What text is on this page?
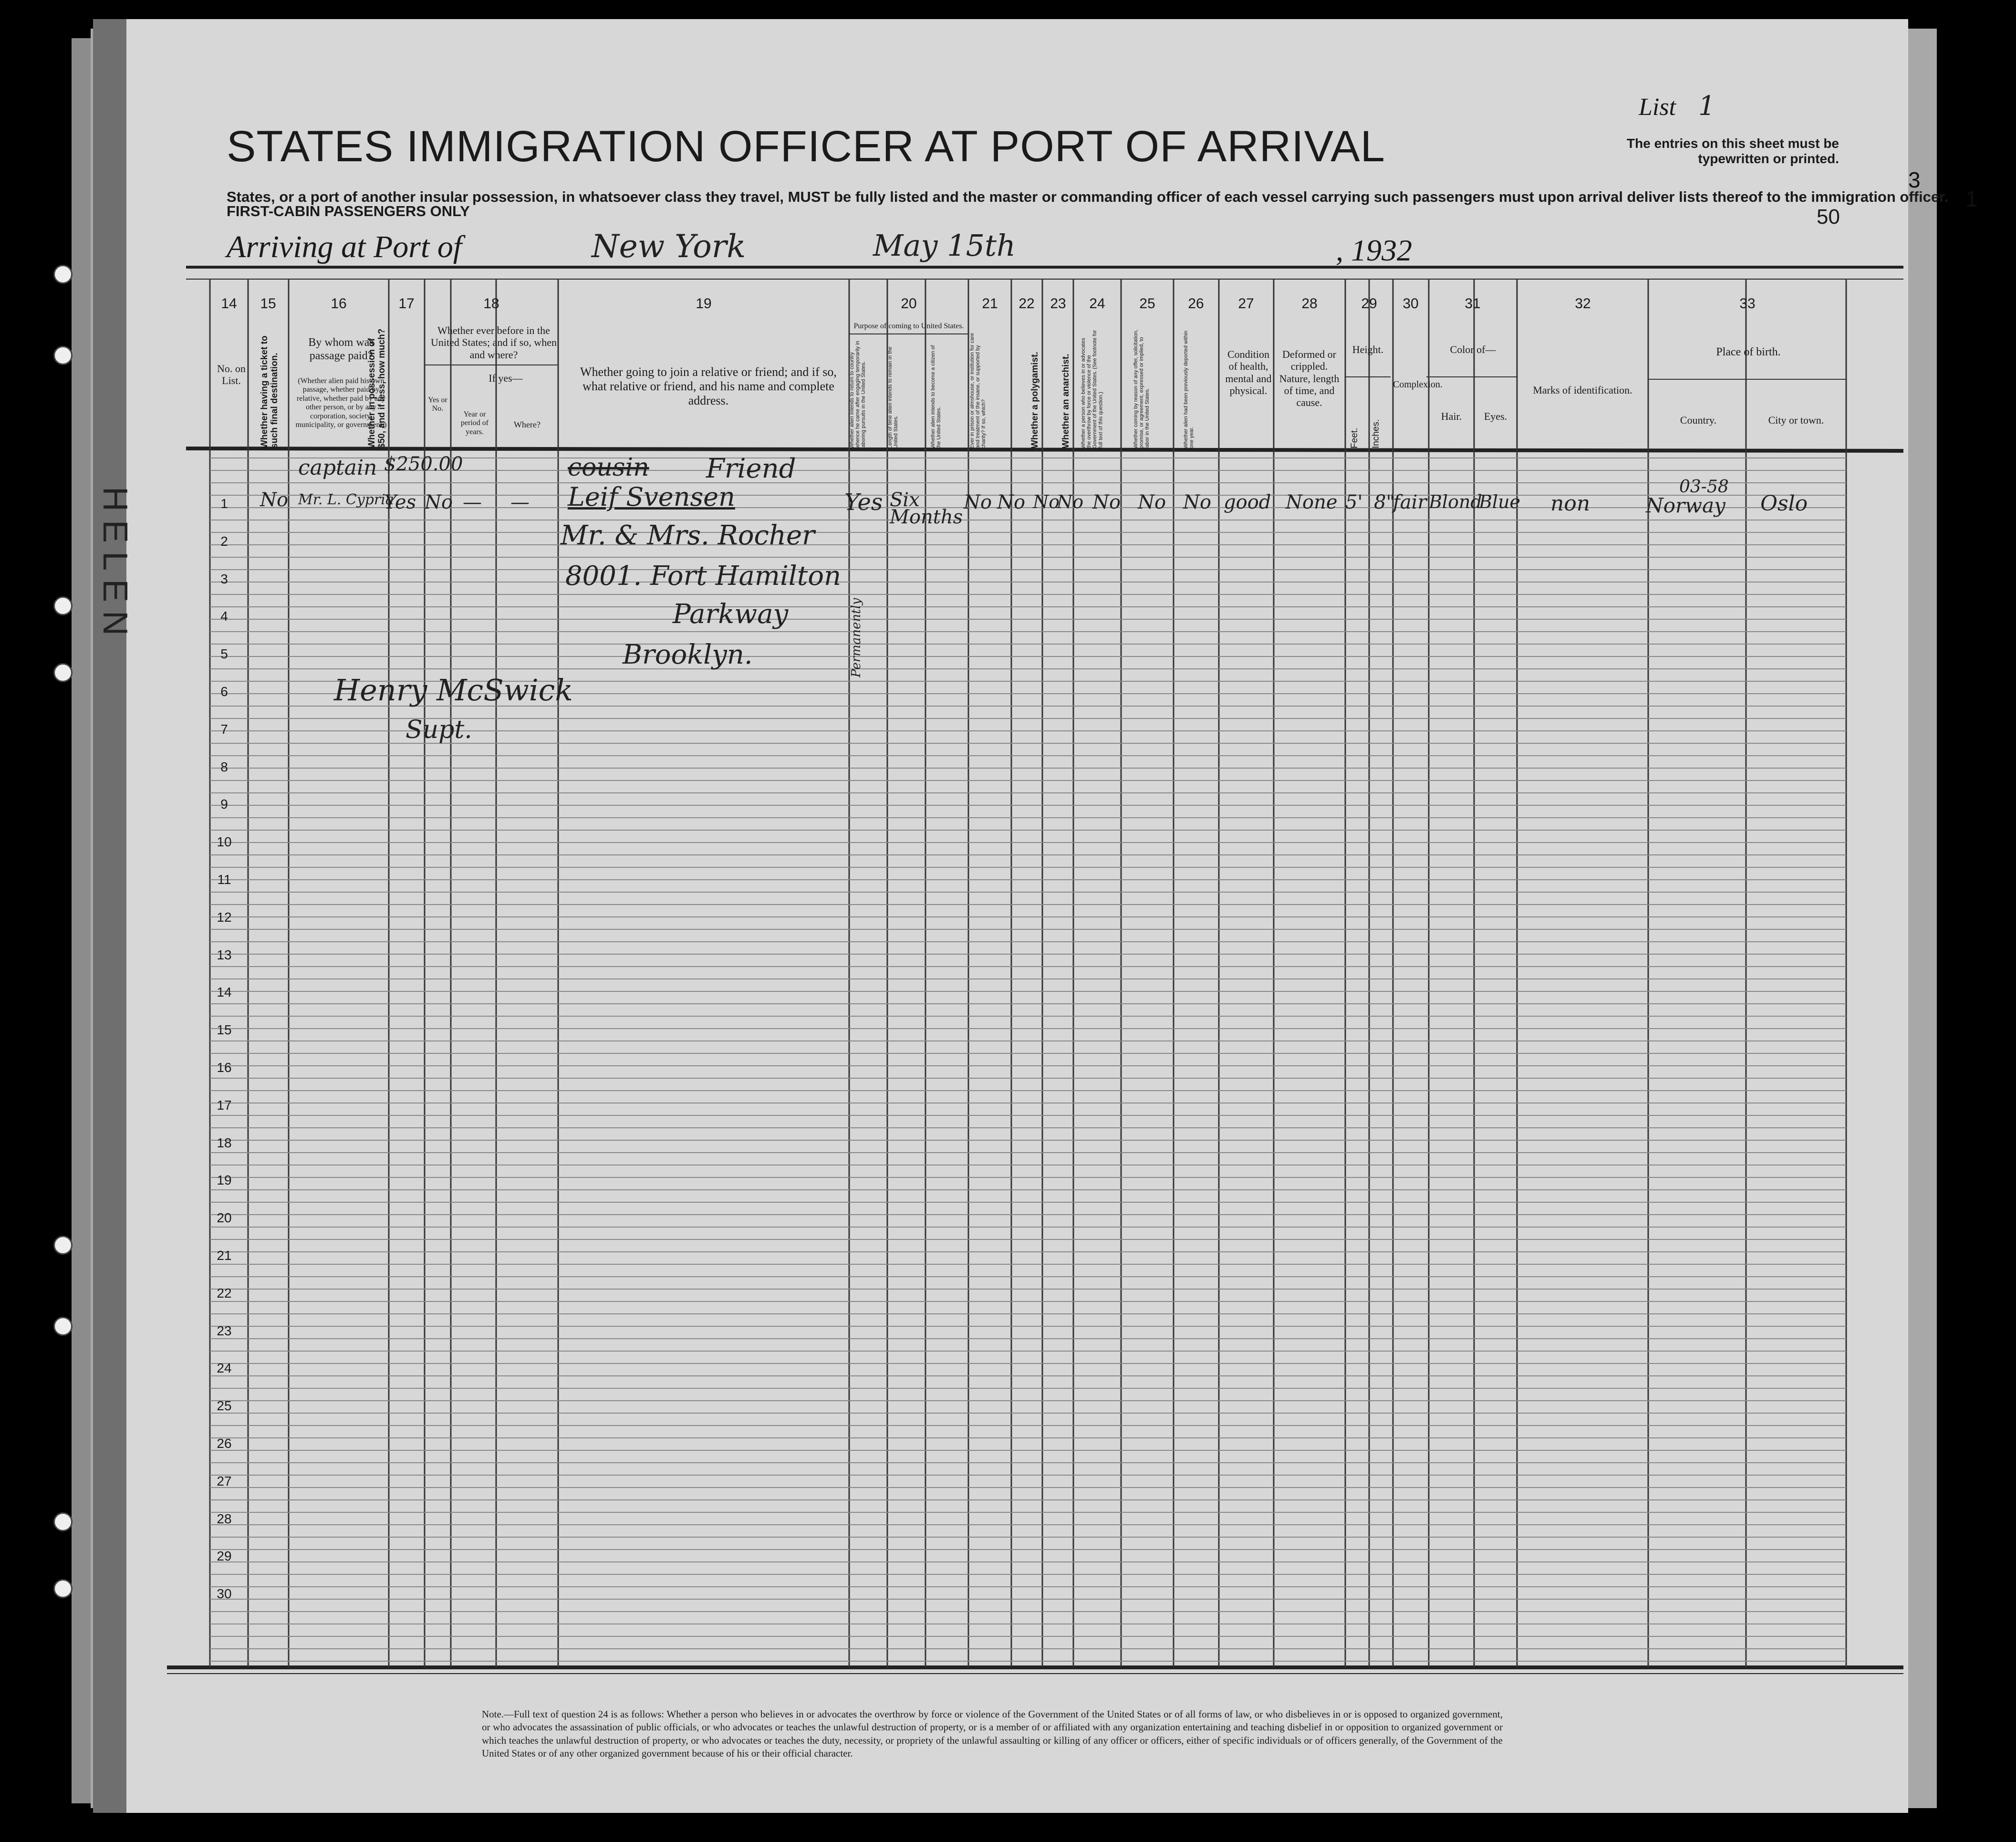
HELEN
3
1
STATES IMMIGRATION OFFICER AT PORT OF ARRIVAL
States, or a port of another insular possession, in whatsoever class they travel, MUST be fully listed and the master or commanding officer of each vessel carrying such passengers must upon arrival deliver lists thereof to the immigration officer.
FIRST-CABIN PASSENGERS ONLY
List 1
The entries on this sheet must be typewritten or printed.
50
Arriving at Port of	New York	May 15th	, 1932
14 15	16	17	18	19	20	21 22 23 24 25 26 27	28	29 30	31	32	33
No. on List.	Whether having a ticket to such final destination.
By whom was passage paid?
(Whether alien paid his own passage, whether paid by relative, whether paid by any other person, or by any corporation, society, municipality, or government.)
Whether in possession of $50, and if less, how much?	Whether ever before in the United States; and if so, when and where?
Yes or No.
If yes—
Year or period of years.
Where?
Whether going to join a relative or friend; and if so, what relative or friend, and his name and complete address.
Purpose of coming to United States.
Whether alien intends to return to country whence he came after engaging temporarily in laboring pursuits in the United States.	Length of time alien intends to remain in the United States.	Whether alien intends to become a citizen of the United States.	Ever in prison or almshouse, or institution for care and treatment of the insane, or supported by charity? If so, which?	Whether a polygamist.	Whether an anarchist.	Whether a person who believes in or advocates the overthrow by force or violence of the Government of the United States. (See footnote for full text of this question.)	Whether coming by reason of any offer, solicitation, promise, or agreement, expressed or implied, to labor in the United States.	Whether alien had been previously deported within one year.
Condition of health, mental and physical.
Deformed or crippled. Nature, length of time, and cause.
Height.
Feet. Inches.
Complexion.
Color of—
Hair.	Eyes.
Marks of identification.
Place of birth.
Country.	City or town.
1
2
3
4
5
6
7
8
9
10
11
12
13
14
15
16
17
18
19
20
21
22
23
24
25
26
27
28
29
30
No
captain
Mr. L. Cypria
$250.00
Yes No — —
cousin Friend
Leif Svensen
Mr. & Mrs. Rocher
8001. Fort Hamilton
Parkway
Brooklyn.
Yes
Permanently
Six Months
No No No
No No No No good None 5' 8"
fair Blond
Blue non	Norway
03-58
Oslo
Henry McSwick
Supt.
Note.—Full text of question 24 is as follows: Whether a person who believes in or advocates the overthrow by force or violence of the Government of the United States or of all forms of law, or who disbelieves in or is opposed to organized government, or who advocates the assassination of public officials, or who advocates or teaches the unlawful destruction of property, or is a member of or affiliated with any organization entertaining and teaching disbelief in or opposition to organized government or which teaches the unlawful destruction of property, or who advocates or teaches the duty, necessity, or propriety of the unlawful assaulting or killing of any officer or officers, either of specific individuals or of officers generally, of the Government of the United States or of any other organized government because of his or their official character.
